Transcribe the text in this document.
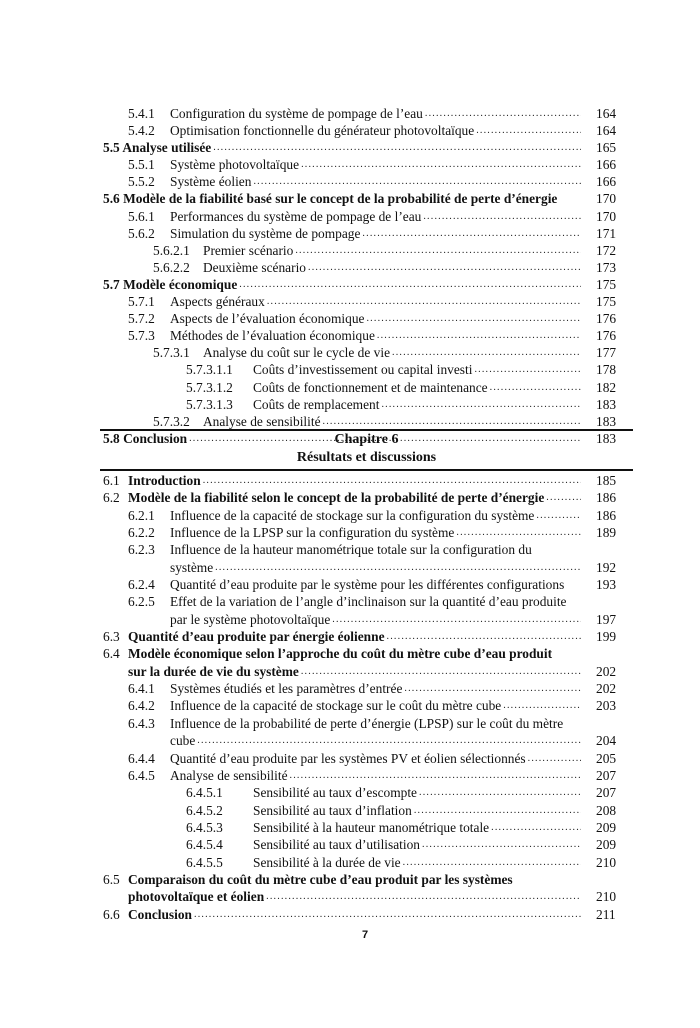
5.4.1 Configuration du système de pompage de l’eau .....	164
5.4.2 Optimisation fonctionnelle du générateur photovoltaïque .....	164
5.5 Analyse utilisée .....	165
5.5.1 Système photovoltaïque .....	166
5.5.2 Système éolien .....	166
5.6 Modèle de la fiabilité basé sur le concept de la probabilité de perte d’énergie	170
5.6.1 Performances du système de pompage de l’eau .....	170
5.6.2 Simulation du système de pompage .....	171
5.6.2.1 Premier scénario .....	172
5.6.2.2 Deuxième scénario .....	173
5.7 Modèle économique .....	175
5.7.1 Aspects généraux .....	175
5.7.2 Aspects de l’évaluation économique .....	176
5.7.3 Méthodes de l’évaluation économique .....	176
5.7.3.1 Analyse du coût sur le cycle de vie .....	177
5.7.3.1.1 Coûts d’investissement ou capital investi .....	178
5.7.3.1.2 Coûts de fonctionnement et de maintenance .....	182
5.7.3.1.3 Coûts de remplacement .....	183
5.7.3.2 Analyse de sensibilité .....	183
5.8 Conclusion .....	183
Chapitre 6
Résultats et discussions
6.1 Introduction .....	185
6.2 Modèle de la fiabilité selon le concept de la probabilité de perte d’énergie .....	186
6.2.1 Influence de la capacité de stockage sur la configuration du système .....	186
6.2.2 Influence de la LPSP sur la configuration du système .....	189
6.2.3 Influence de la hauteur manométrique totale sur la configuration du
système .....	192
6.2.4 Quantité d’eau produite par le système pour les différentes configurations 193
6.2.5 Effet de la variation de l’angle d’inclinaison sur la quantité d’eau produite
par le système photovoltaïque .....	197
6.3 Quantité d’eau produite par énergie éolienne .....	199
6.4 Modèle économique selon l’approche du coût du mètre cube d’eau produit
sur la durée de vie du système .....	202
6.4.1 Systèmes étudiés et les paramètres d’entrée .....	202
6.4.2 Influence de la capacité de stockage sur le coût du mètre cube .....	203
6.4.3 Influence de la probabilité de perte d’énergie (LPSP) sur le coût du mètre
cube .....	204
6.4.4 Quantité d’eau produite par les systèmes PV et éolien sélectionnés .....	205
6.4.5 Analyse de sensibilité .....	207
6.4.5.1 Sensibilité au taux d’escompte .....	207
6.4.5.2 Sensibilité au taux d’inflation .....	208
6.4.5.3 Sensibilité à la hauteur manométrique totale .....	209
6.4.5.4 Sensibilité au taux d’utilisation .....	209
6.4.5.5 Sensibilité à la durée de vie .....	210
6.5 Comparaison du coût du mètre cube d’eau produit par les systèmes
photovoltaïque et éolien .....	210
6.6 Conclusion .....	211
7
